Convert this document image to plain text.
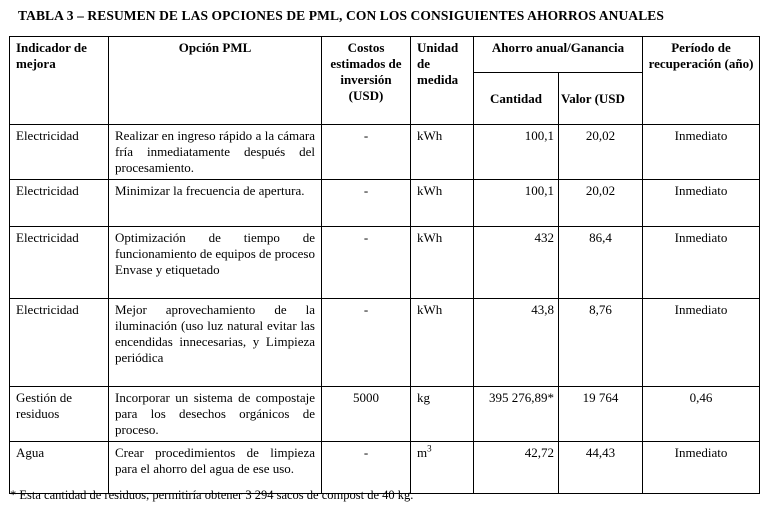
TABLA 3 – RESUMEN DE LAS OPCIONES DE PML, CON LOS CONSIGUIENTES AHORROS ANUALES
Indicador de mejora	Opción PML	Costos estimados de inversión (USD)	Unidad de medida	Ahorro anual/Ganancia		Período de recuperación (año)
				Cantidad	Valor (USD	
Electricidad	Realizar en ingreso rápido a la cámara fría inmediatamente después del procesamiento.	-	kWh	100,1	20,02	Inmediato
Electricidad	Minimizar la frecuencia de apertura.	-	kWh	100,1	20,02	Inmediato
Electricidad	Optimización de tiempo de funcionamiento de equipos de proceso Envase y etiquetado	-	kWh	432	86,4	Inmediato
Electricidad	Mejor aprovechamiento de la iluminación (uso luz natural evitar las encendidas innecesarias, y Limpieza periódica	-	kWh	43,8	8,76	Inmediato
Gestión de residuos	Incorporar un sistema de compostaje para los desechos orgánicos de proceso.	5000	kg	395 276,89*	19 764	0,46
Agua	Crear procedimientos de limpieza para el ahorro del agua de ese uso.	-	$m^3$	42,72	44,43	Inmediato
* Esta cantidad de residuos, permitiría obtener 3 294 sacos de compost de 40 kg.
